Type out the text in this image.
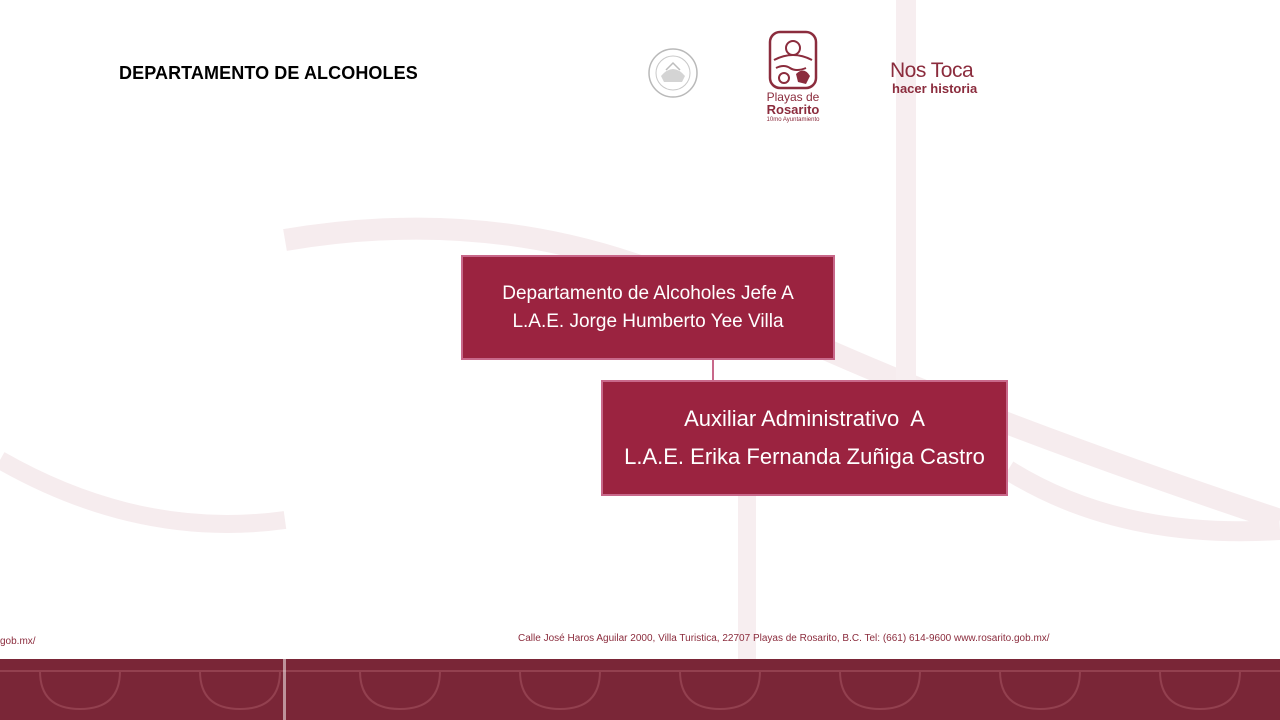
DEPARTAMENTO DE ALCOHOLES
Playas de
Rosarito
10mo Ayuntamiento
Nos Toca
hacer historia
Departamento de Alcoholes Jefe A
L.A.E. Jorge Humberto Yee Villa
Auxiliar Administrativo  A
L.A.E. Erika Fernanda Zuñiga Castro
gob.mx/	Calle José Haros Aguilar 2000, Villa Turistica, 22707 Playas de Rosarito, B.C. Tel: (661) 614-9600 www.rosarito.gob.mx/
